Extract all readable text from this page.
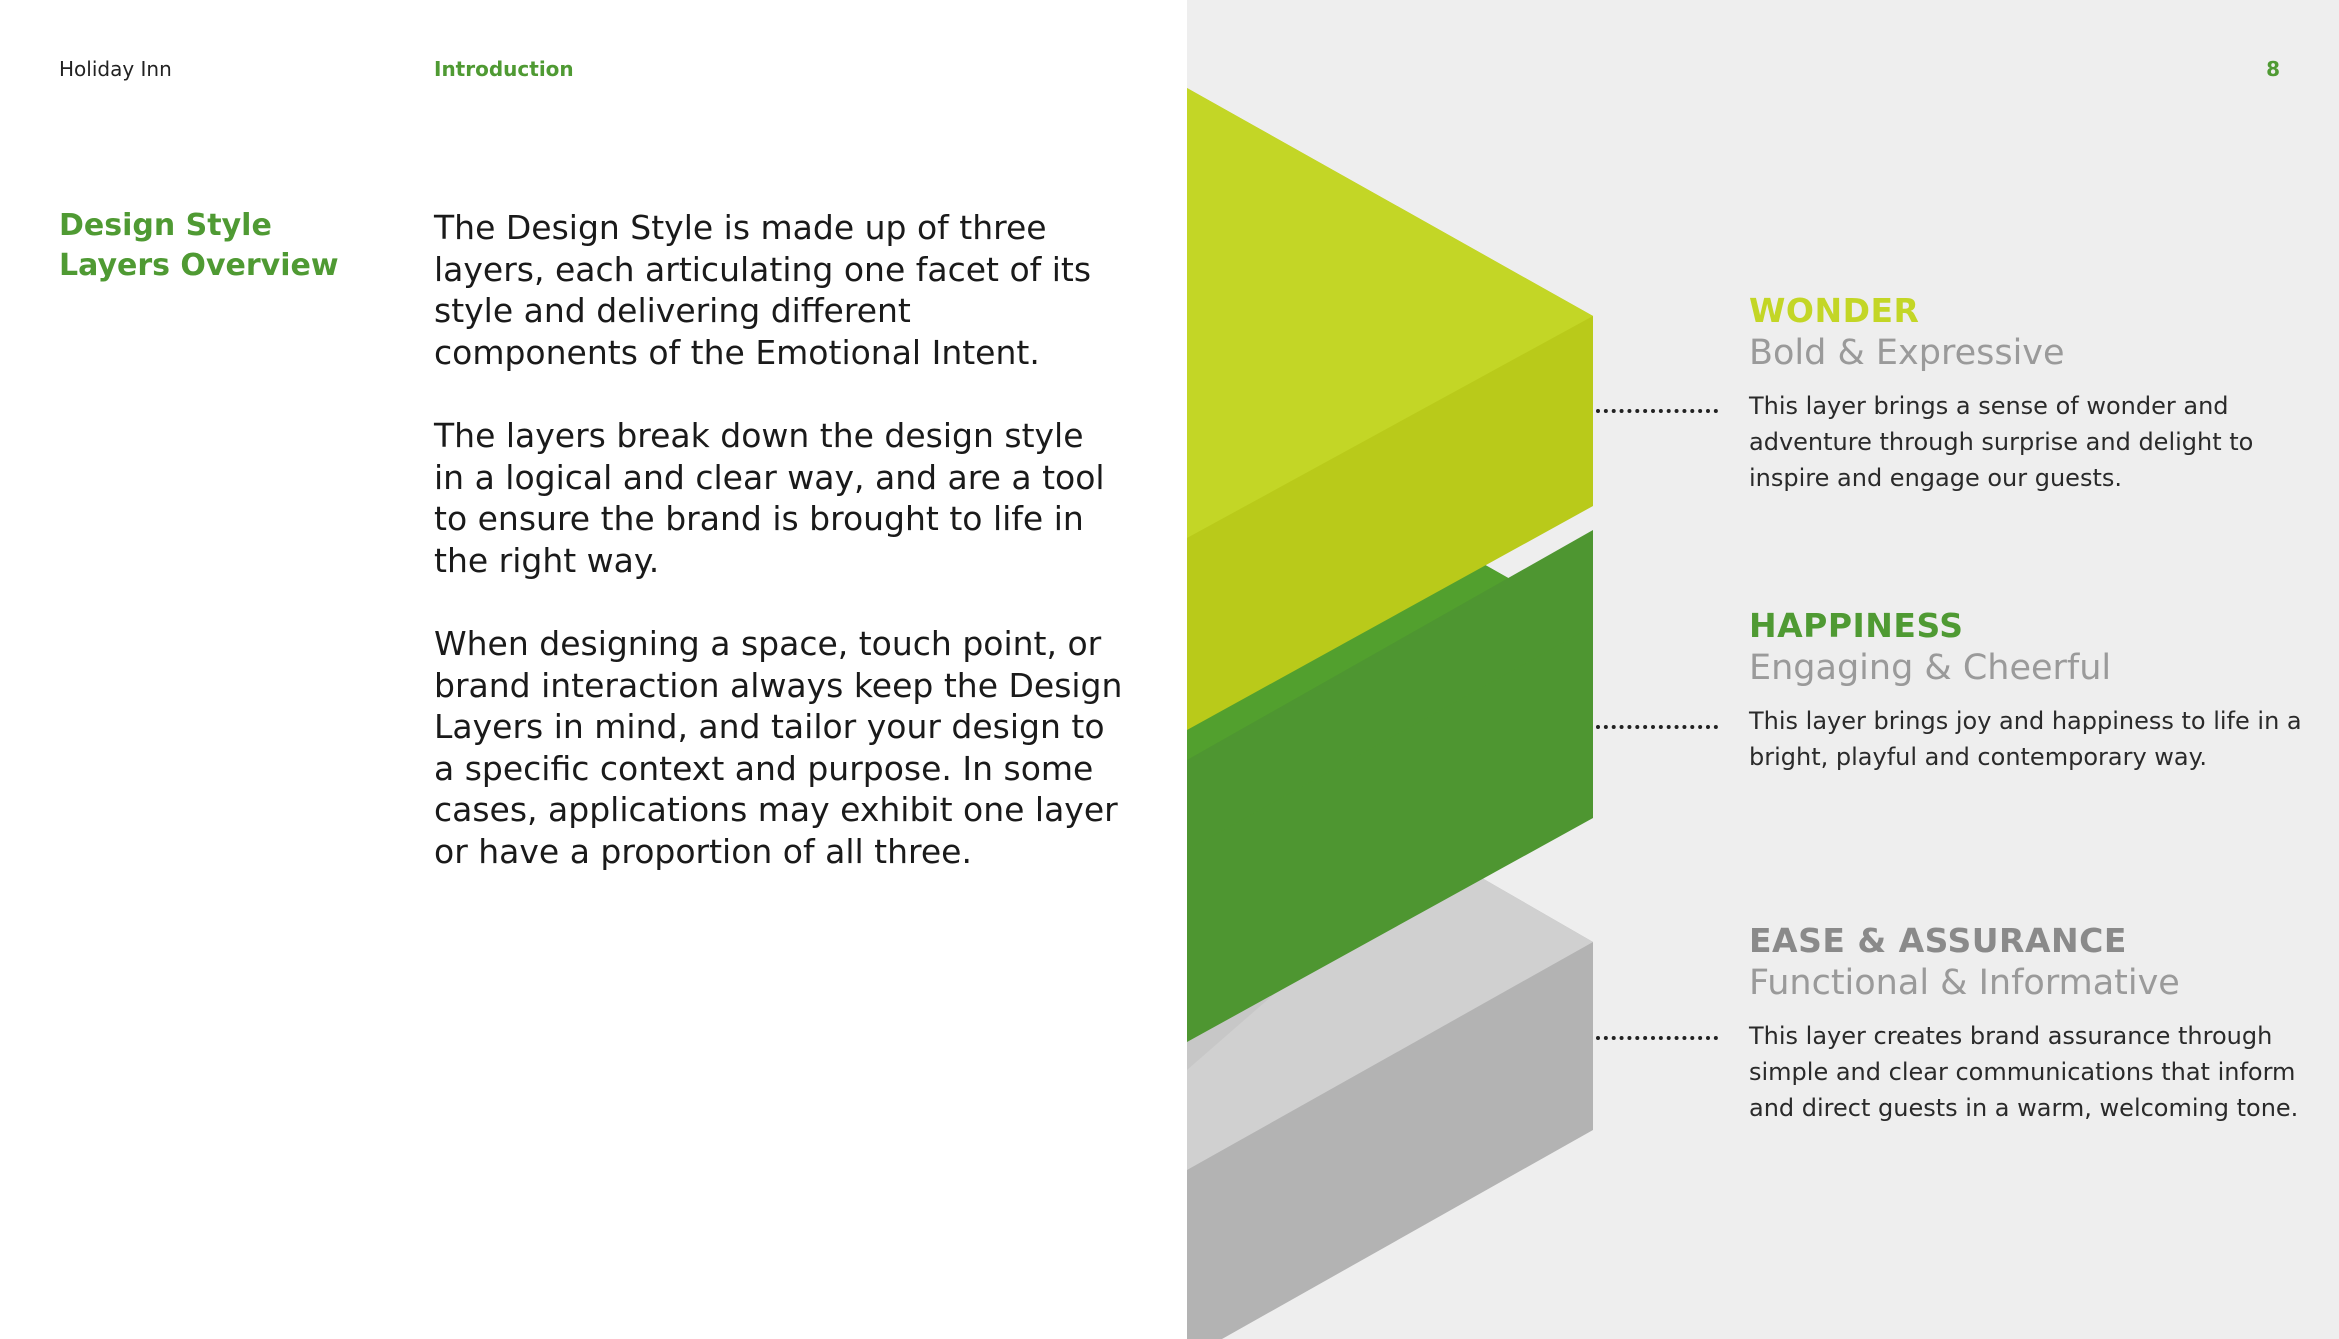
Holiday Inn	Introduction	8
Design Style Layers Overview

The Design Style is made up of three layers, each articulating one facet of its style and delivering different components of the Emotional Intent.

The layers break down the design style in a logical and clear way, and are a tool to ensure the brand is brought to life in the right way.

When designing a space, touch point, or brand interaction always keep the Design Layers in mind, and tailor your design to a specific context and purpose. In some cases, applications may exhibit one layer or have a proportion of all three.

WONDER
Bold & Expressive
This layer brings a sense of wonder and adventure through surprise and delight to inspire and engage our guests.
HAPPINESS
Engaging & Cheerful
This layer brings joy and happiness to life in a bright, playful and contemporary way.
EASE & ASSURANCE
Functional & Informative
This layer creates brand assurance through simple and clear communications that inform and direct guests in a warm, welcoming tone.
